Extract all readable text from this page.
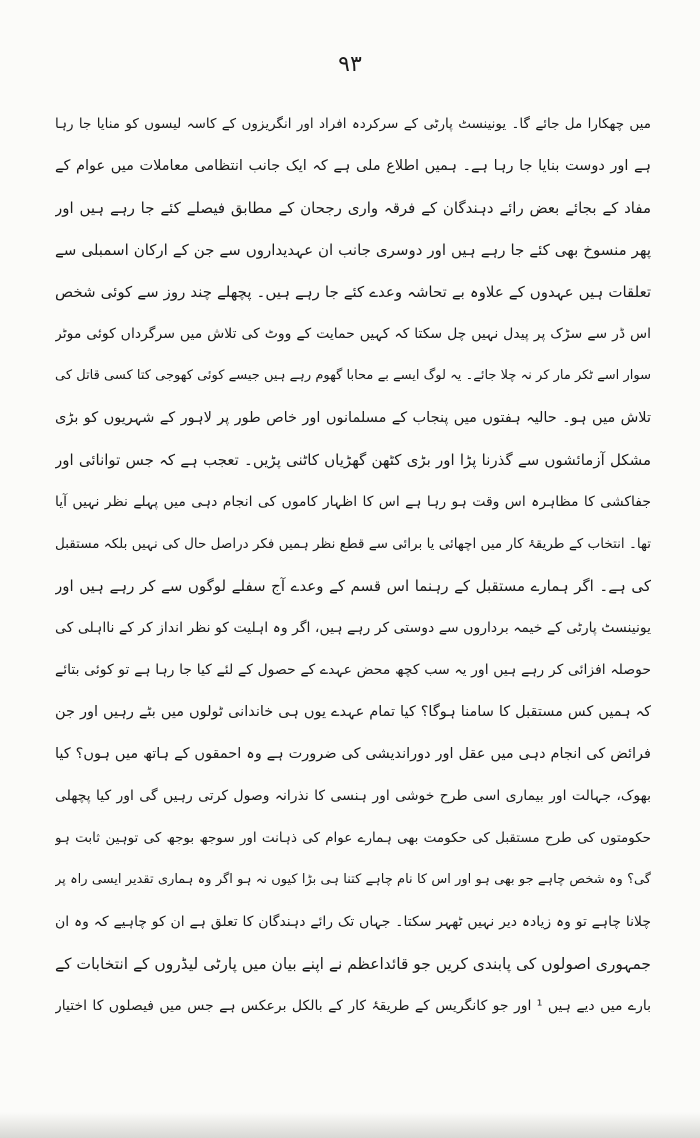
۹۳
میں چھکارا مل جائے گا۔ یونینسٹ پارٹی کے سرکردہ افراد اور انگریزوں کے کاسہ لیسوں کو منایا جا رہا
ہے اور دوست بنایا جا رہا ہے۔ ہمیں اطلاع ملی ہے کہ ایک جانب انتظامی معاملات میں عوام کے
مفاد کے بجائے بعض رائے دہندگان کے فرقہ واری رجحان کے مطابق فیصلے کئے جا رہے ہیں اور
پھر منسوخ بھی کئے جا رہے ہیں اور دوسری جانب ان عہدیداروں سے جن کے ارکان اسمبلی سے
تعلقات ہیں عہدوں کے علاوہ بے تحاشہ وعدے کئے جا رہے ہیں۔ پچھلے چند روز سے کوئی شخص
اس ڈر سے سڑک پر پیدل نہیں چل سکتا کہ کہیں حمایت کے ووٹ کی تلاش میں سرگرداں کوئی موٹر
سوار اسے ٹکر مار کر نہ چلا جائے۔ یہ لوگ ایسے بے محابا گھوم رہے ہیں جیسے کوئی کھوجی کتا کسی قاتل کی
تلاش میں ہو۔ حالیہ ہفتوں میں پنجاب کے مسلمانوں اور خاص طور پر لاہور کے شہریوں کو بڑی
مشکل آزمائشوں سے گذرنا پڑا اور بڑی کٹھن گھڑیاں کاٹنی پڑیں۔ تعجب ہے کہ جس توانائی اور
جفاکشی کا مظاہرہ اس وقت ہو رہا ہے اس کا اظہار کاموں کی انجام دہی میں پہلے نظر نہیں آیا
تھا۔ انتخاب کے طریقۂ کار میں اچھائی یا برائی سے قطع نظر ہمیں فکر دراصل حال کی نہیں بلکہ مستقبل
کی ہے۔ اگر ہمارے مستقبل کے رہنما اس قسم کے وعدے آج سفلے لوگوں سے کر رہے ہیں اور
یونینسٹ پارٹی کے خیمہ برداروں سے دوستی کر رہے ہیں، اگر وہ اہلیت کو نظر انداز کر کے نااہلی کی
حوصلہ افزائی کر رہے ہیں اور یہ سب کچھ محض عہدے کے حصول کے لئے کیا جا رہا ہے تو کوئی بتائے
کہ ہمیں کس مستقبل کا سامنا ہوگا؟ کیا تمام عہدے یوں ہی خاندانی ٹولوں میں بٹے رہیں اور جن
فرائض کی انجام دہی میں عقل اور دوراندیشی کی ضرورت ہے وہ احمقوں کے ہاتھ میں ہوں؟ کیا
بھوک، جہالت اور بیماری اسی طرح خوشی اور ہنسی کا نذرانہ وصول کرتی رہیں گی اور کیا پچھلی
حکومتوں کی طرح مستقبل کی حکومت بھی ہمارے عوام کی ذہانت اور سوجھ بوجھ کی توہین ثابت ہو
گی؟ وہ شخص چاہے جو بھی ہو اور اس کا نام چاہے کتنا ہی بڑا کیوں نہ ہو اگر وہ ہماری تقدیر ایسی راہ پر
چلانا چاہے تو وہ زیادہ دیر نہیں ٹھہر سکتا۔ جہاں تک رائے دہندگان کا تعلق ہے ان کو چاہیے کہ وہ ان
جمہوری اصولوں کی پابندی کریں جو قائداعظم نے اپنے بیان میں پارٹی لیڈروں کے انتخابات کے
بارے میں دیے ہیں ¹ اور جو کانگریس کے طریقۂ کار کے بالکل برعکس ہے جس میں فیصلوں کا اختیار
